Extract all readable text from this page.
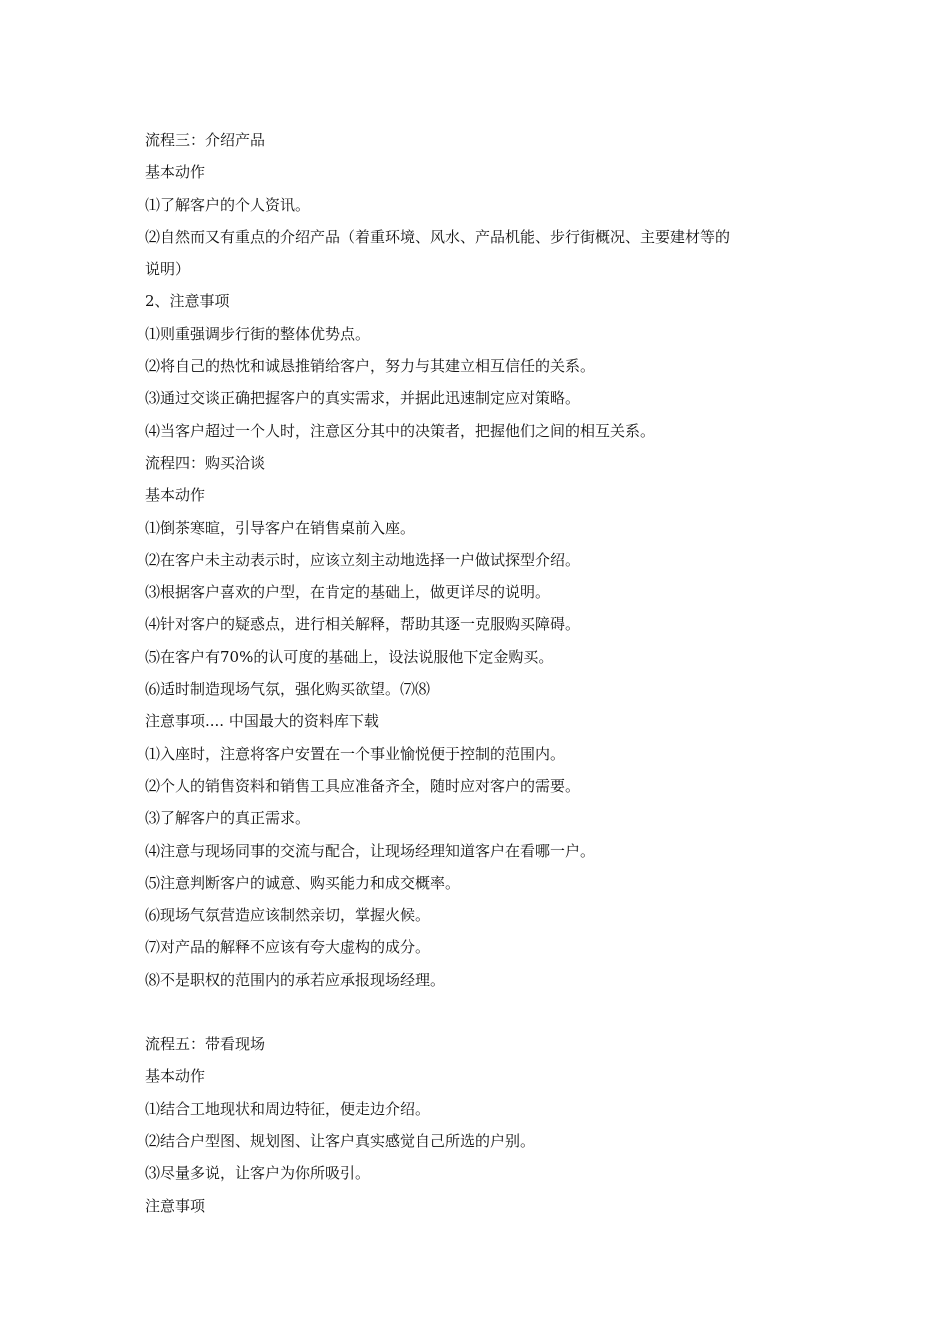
流程三：介绍产品
基本动作
⑴了解客户的个人资讯。
⑵自然而又有重点的介绍产品（着重环境、风水、产品机能、步行街概况、主要建材等的
说明）
2、注意事项
⑴则重强调步行街的整体优势点。
⑵将自己的热忱和诚恳推销给客户，努力与其建立相互信任的关系。
⑶通过交谈正确把握客户的真实需求，并据此迅速制定应对策略。
⑷当客户超过一个人时，注意区分其中的决策者，把握他们之间的相互关系。
流程四：购买洽谈
基本动作
⑴倒茶寒暄，引导客户在销售桌前入座。
⑵在客户未主动表示时，应该立刻主动地选择一户做试探型介绍。
⑶根据客户喜欢的户型，在肯定的基础上，做更详尽的说明。
⑷针对客户的疑惑点，进行相关解释，帮助其逐一克服购买障碍。
⑸在客户有70%的认可度的基础上，设法说服他下定金购买。
⑹适时制造现场气氛，强化购买欲望。⑺⑻
注意事项.... 中国最大的资料库下载
⑴入座时，注意将客户安置在一个事业愉悦便于控制的范围内。
⑵个人的销售资料和销售工具应准备齐全，随时应对客户的需要。
⑶了解客户的真正需求。
⑷注意与现场同事的交流与配合，让现场经理知道客户在看哪一户。
⑸注意判断客户的诚意、购买能力和成交概率。
⑹现场气氛营造应该制然亲切，掌握火候。
⑺对产品的解释不应该有夸大虚构的成分。
⑻不是职权的范围内的承若应承报现场经理。
流程五：带看现场
基本动作
⑴结合工地现状和周边特征，便走边介绍。
⑵结合户型图、规划图、让客户真实感觉自己所选的户别。
⑶尽量多说，让客户为你所吸引。
注意事项
